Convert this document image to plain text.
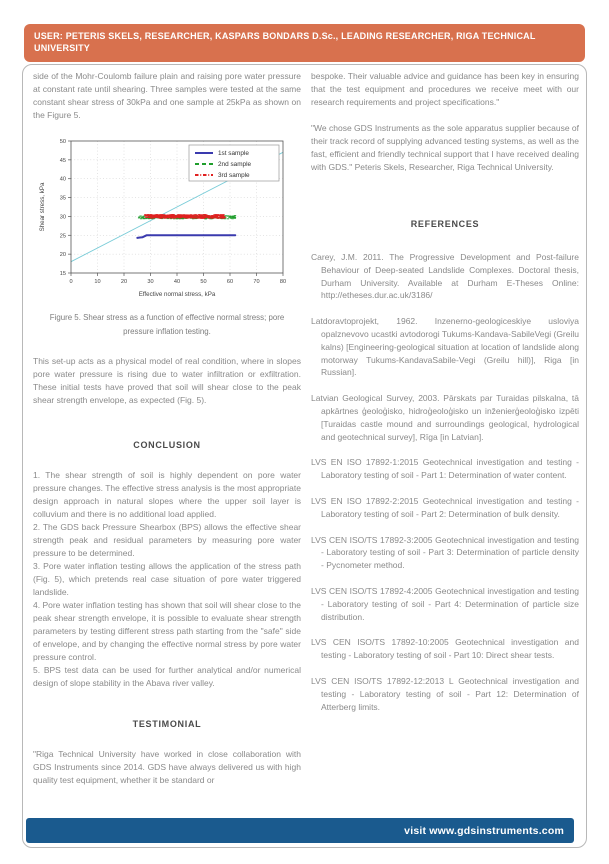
USER: PETERIS SKELS, RESEARCHER, KASPARS BONDARS D.Sc., LEADING RESEARCHER, RIGA TECHNICAL UNIVERSITY

side of the Mohr-Coulomb failure plain and raising pore water pressure at constant rate until shearing. Three samples were tested at the same constant shear stress of 30kPa and one sample at 25kPa as shown on the Figure 5.

0	10	20	30	40	50	60	70	80
15
20
25
30
35
40
45
50
Effective normal stress, kPa
Shear stress, kPa
1st sample
2nd sample
3rd sample
Figure 5. Shear stress as a function of effective normal stress; pore pressure inflation testing.

This set-up acts as a physical model of real condition, where in slopes pore water pressure is rising due to water infiltration or exfiltration. These initial tests have proved that soil will shear close to the peak shear strength envelope, as expected (Fig. 5).

CONCLUSION

1. The shear strength of soil is highly dependent on pore water pressure changes. The effective stress analysis is the most appropriate design approach in natural slopes where the upper soil layer is colluvium and there is no additional load applied.

2. The GDS back Pressure Shearbox (BPS) allows the effective shear strength peak and residual parameters by measuring pore water pressure to be determined.

3. Pore water inflation testing allows the application of the stress path (Fig. 5), which pretends real case situation of pore water triggered landslide.

4. Pore water inflation testing has shown that soil will shear close to the peak shear strength envelope, it is possible to evaluate shear strength parameters by testing different stress path starting from the "safe" side of envelope, and by changing the effective normal stress by pore water pressure control.

5. BPS test data can be used for further analytical and/or numerical design of slope stability in the Abava river valley.

TESTIMONIAL

"Riga Technical University have worked in close collaboration with GDS Instruments since 2014. GDS have always delivered us with high quality test equipment, whether it be standard or

bespoke. Their valuable advice and guidance has been key in ensuring that the test equipment and procedures we receive meet with our research requirements and project specifications."

"We chose GDS Instruments as the sole apparatus supplier because of their track record of supplying advanced testing systems, as well as the fast, efficient and friendly technical support that I have received dealing with GDS." Peteris Skels, Researcher, Riga Technical University.

REFERENCES

Carey, J.M. 2011. The Progressive Development and Post-failure Behaviour of Deep-seated Landslide Complexes. Doctoral thesis, Durham University. Available at Durham E-Theses Online: http://etheses.dur.ac.uk/3186/

Latdoravtoprojekt, 1962. Inzenerno-geologiceskiye usloviya opalznevovo ucastki avtodorogi Tukums-Kandava-SabileVegi (Greilu kalns) [Engineering-geological situation at location of landslide along motorway Tukums-KandavaSabile-Vegi (Greilu hill)], Riga [in Russian].

Latvian Geological Survey, 2003. Pārskats par Turaidas pilskalna, tā apkārtnes ģeoloģisko, hidroģeoloģisko un inženierģeoloģisko izpēti [Turaidas castle mound and surroundings geological, hydrological and geotechnical survey], Rīga [in Latvian].

LVS EN ISO 17892-1:2015 Geotechnical investigation and testing - Laboratory testing of soil - Part 1: Determination of water content.

LVS EN ISO 17892-2:2015 Geotechnical investigation and testing - Laboratory testing of soil - Part 2: Determination of bulk density.

LVS CEN ISO/TS 17892-3:2005 Geotechnical investigation and testing - Laboratory testing of soil - Part 3: Determination of particle density - Pycnometer method.

LVS CEN ISO/TS 17892-4:2005 Geotechnical investigation and testing - Laboratory testing of soil - Part 4: Determination of particle size distribution.

LVS CEN ISO/TS 17892-10:2005 Geotechnical investigation and testing - Laboratory testing of soil - Part 10: Direct shear tests.

LVS CEN ISO/TS 17892-12:2013 L Geotechnical investigation and testing - Laboratory testing of soil - Part 12: Determination of Atterberg limits.

visit www.gdsinstruments.com
